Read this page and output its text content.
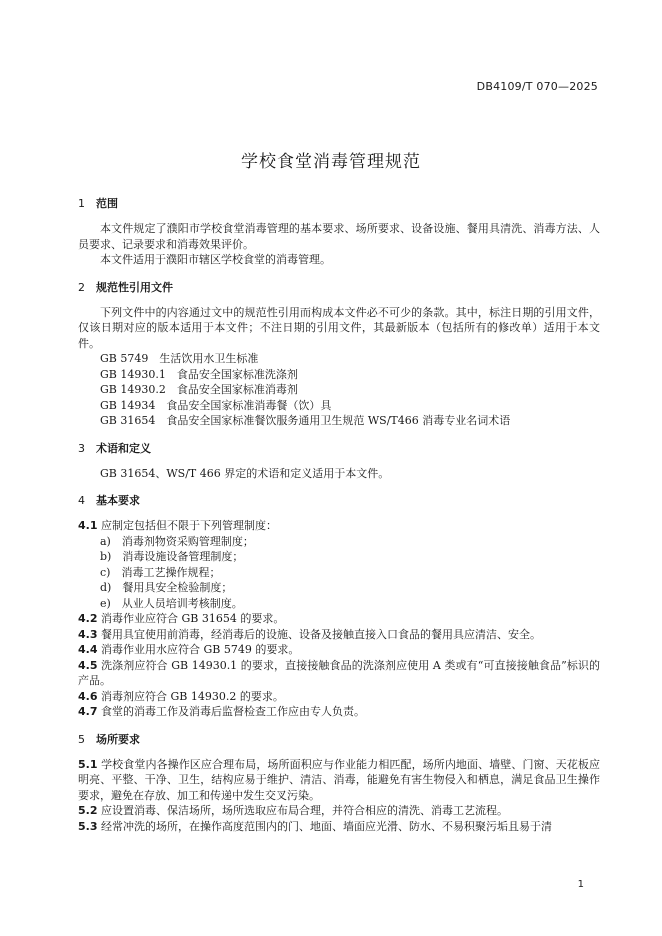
DB4109/T 070—2025
学校食堂消毒管理规范
1 范围

本文件规定了濮阳市学校食堂消毒管理的基本要求、场所要求、设备设施、餐用具清洗、消毒方法、人员要求、记录要求和消毒效果评价。

本文件适用于濮阳市辖区学校食堂的消毒管理。

2 规范性引用文件

下列文件中的内容通过文中的规范性引用而构成本文件必不可少的条款。其中，标注日期的引用文件，仅该日期对应的版本适用于本文件；不注日期的引用文件，其最新版本（包括所有的修改单）适用于本文件。

GB 5749　生活饮用水卫生标准

GB 14930.1　食品安全国家标准洗涤剂

GB 14930.2　食品安全国家标准消毒剂

GB 14934　食品安全国家标准消毒餐（饮）具

GB 31654　食品安全国家标准餐饮服务通用卫生规范 WS/T466 消毒专业名词术语

3 术语和定义

GB 31654、WS/T 466 界定的术语和定义适用于本文件。

4 基本要求

4.1 应制定包括但不限于下列管理制度：

a)　消毒剂物资采购管理制度；

b)　消毒设施设备管理制度；

c)　消毒工艺操作规程；

d)　餐用具安全检验制度；

e)　从业人员培训考核制度。

4.2 消毒作业应符合 GB 31654 的要求。

4.3 餐用具宜使用前消毒，经消毒后的设施、设备及接触直接入口食品的餐用具应清洁、安全。

4.4 消毒作业用水应符合 GB 5749 的要求。

4.5 洗涤剂应符合 GB 14930.1 的要求，直接接触食品的洗涤剂应使用 A 类或有“可直接接触食品”标识的产品。

4.6 消毒剂应符合 GB 14930.2 的要求。

4.7 食堂的消毒工作及消毒后监督检查工作应由专人负责。

5 场所要求

5.1 学校食堂内各操作区应合理布局，场所面积应与作业能力相匹配，场所内地面、墙壁、门窗、天花板应明亮、平整、干净、卫生，结构应易于维护、清洁、消毒，能避免有害生物侵入和栖息，满足食品卫生操作要求，避免在存放、加工和传递中发生交叉污染。

5.2 应设置消毒、保洁场所，场所选取应布局合理，并符合相应的清洗、消毒工艺流程。

5.3 经常冲洗的场所，在操作高度范围内的门、地面、墙面应光滑、防水、不易积聚污垢且易于清

1
